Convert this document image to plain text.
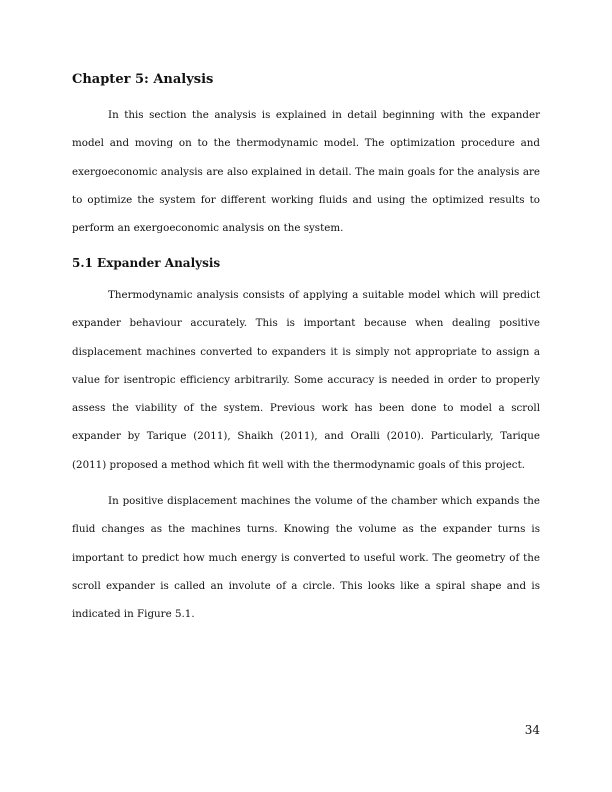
Chapter 5: Analysis

In this section the analysis is explained in detail beginning with the expander model and moving on to the thermodynamic model. The optimization procedure and exergoeconomic analysis are also explained in detail. The main goals for the analysis are to optimize the system for different working fluids and using the optimized results to perform an exergoeconomic analysis on the system.

5.1 Expander Analysis

Thermodynamic analysis consists of applying a suitable model which will predict expander behaviour accurately. This is important because when dealing positive displacement machines converted to expanders it is simply not appropriate to assign a value for isentropic efficiency arbitrarily. Some accuracy is needed in order to properly assess the viability of the system. Previous work has been done to model a scroll expander by Tarique (2011), Shaikh (2011), and Oralli (2010). Particularly, Tarique (2011) proposed a method which fit well with the thermodynamic goals of this project.

In positive displacement machines the volume of the chamber which expands the fluid changes as the machines turns. Knowing the volume as the expander turns is important to predict how much energy is converted to useful work. The geometry of the scroll expander is called an involute of a circle. This looks like a spiral shape and is indicated in Figure 5.1.

34
